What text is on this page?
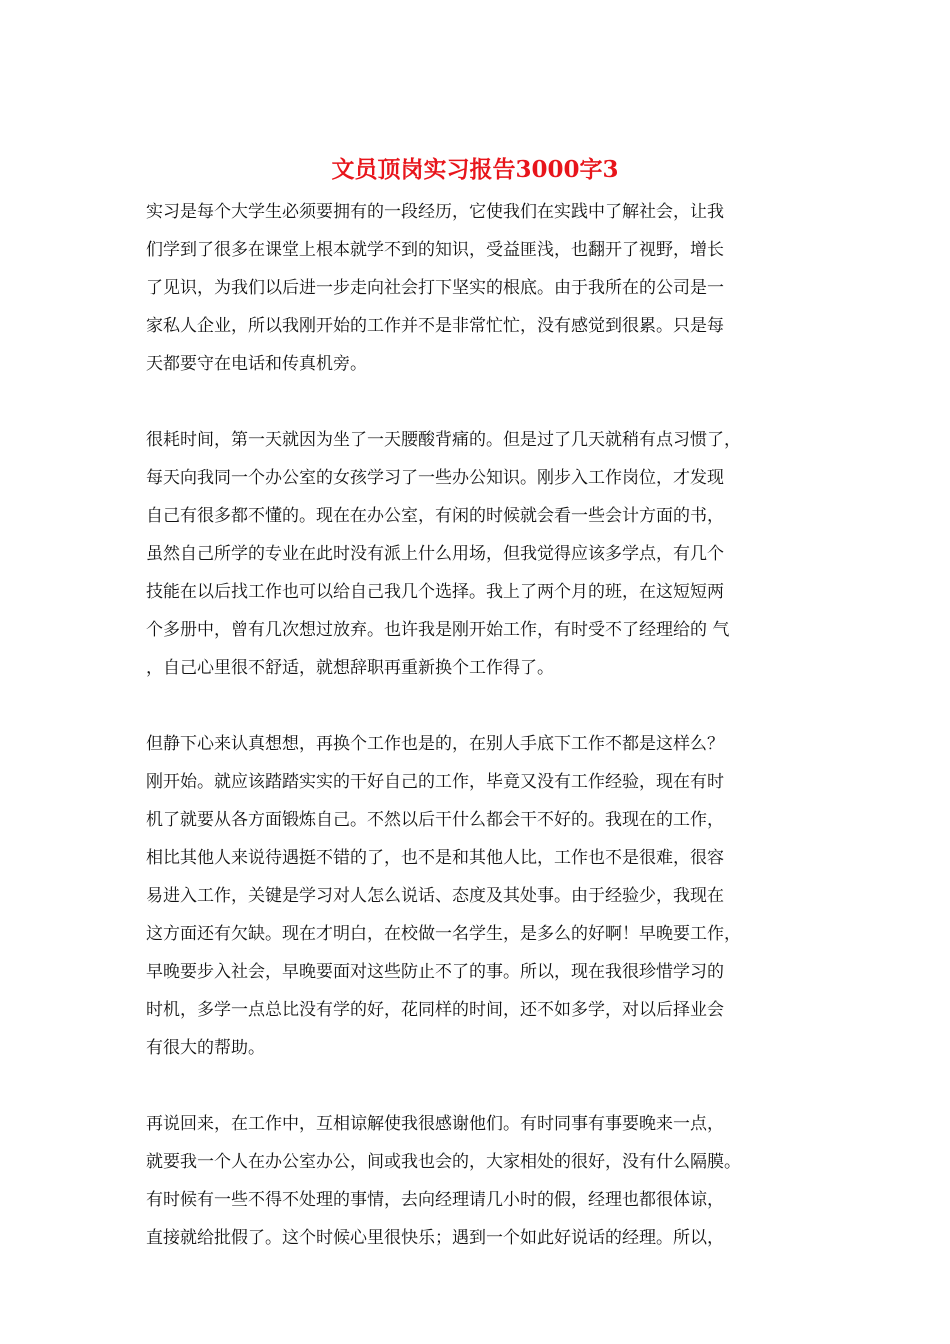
文员顶岗实习报告3000字3
实习是每个大学生必须要拥有的一段经历，它使我们在实践中了解社会，让我
们学到了很多在课堂上根本就学不到的知识，受益匪浅，也翻开了视野，增长
了见识，为我们以后进一步走向社会打下坚实的根底。由于我所在的公司是一
家私人企业，所以我刚开始的工作并不是非常忙忙，没有感觉到很累。只是每
天都要守在电话和传真机旁。
很耗时间，第一天就因为坐了一天腰酸背痛的。但是过了几天就稍有点习惯了，
每天向我同一个办公室的女孩学习了一些办公知识。刚步入工作岗位，才发现
自己有很多都不懂的。现在在办公室，有闲的时候就会看一些会计方面的书，
虽然自己所学的专业在此时没有派上什么用场，但我觉得应该多学点，有几个
技能在以后找工作也可以给自己我几个选择。我上了两个月的班，在这短短两
个多册中，曾有几次想过放弃。也许我是刚开始工作，有时受不了经理给的 气
，自己心里很不舒适，就想辞职再重新换个工作得了。
但静下心来认真想想，再换个工作也是的，在别人手底下工作不都是这样么？
刚开始。就应该踏踏实实的干好自己的工作，毕竟又没有工作经验，现在有时
机了就要从各方面锻炼自己。不然以后干什么都会干不好的。我现在的工作，
相比其他人来说待遇挺不错的了，也不是和其他人比，工作也不是很难，很容
易进入工作，关键是学习对人怎么说话、态度及其处事。由于经验少，我现在
这方面还有欠缺。现在才明白，在校做一名学生，是多么的好啊！早晚要工作，
早晚要步入社会，早晚要面对这些防止不了的事。所以，现在我很珍惜学习的
时机，多学一点总比没有学的好，花同样的时间，还不如多学，对以后择业会
有很大的帮助。
再说回来，在工作中，互相谅解使我很感谢他们。有时同事有事要晚来一点，
就要我一个人在办公室办公，间或我也会的，大家相处的很好，没有什么隔膜。
有时候有一些不得不处理的事情，去向经理请几小时的假，经理也都很体谅，
直接就给批假了。这个时候心里很快乐；遇到一个如此好说话的经理。所以，
